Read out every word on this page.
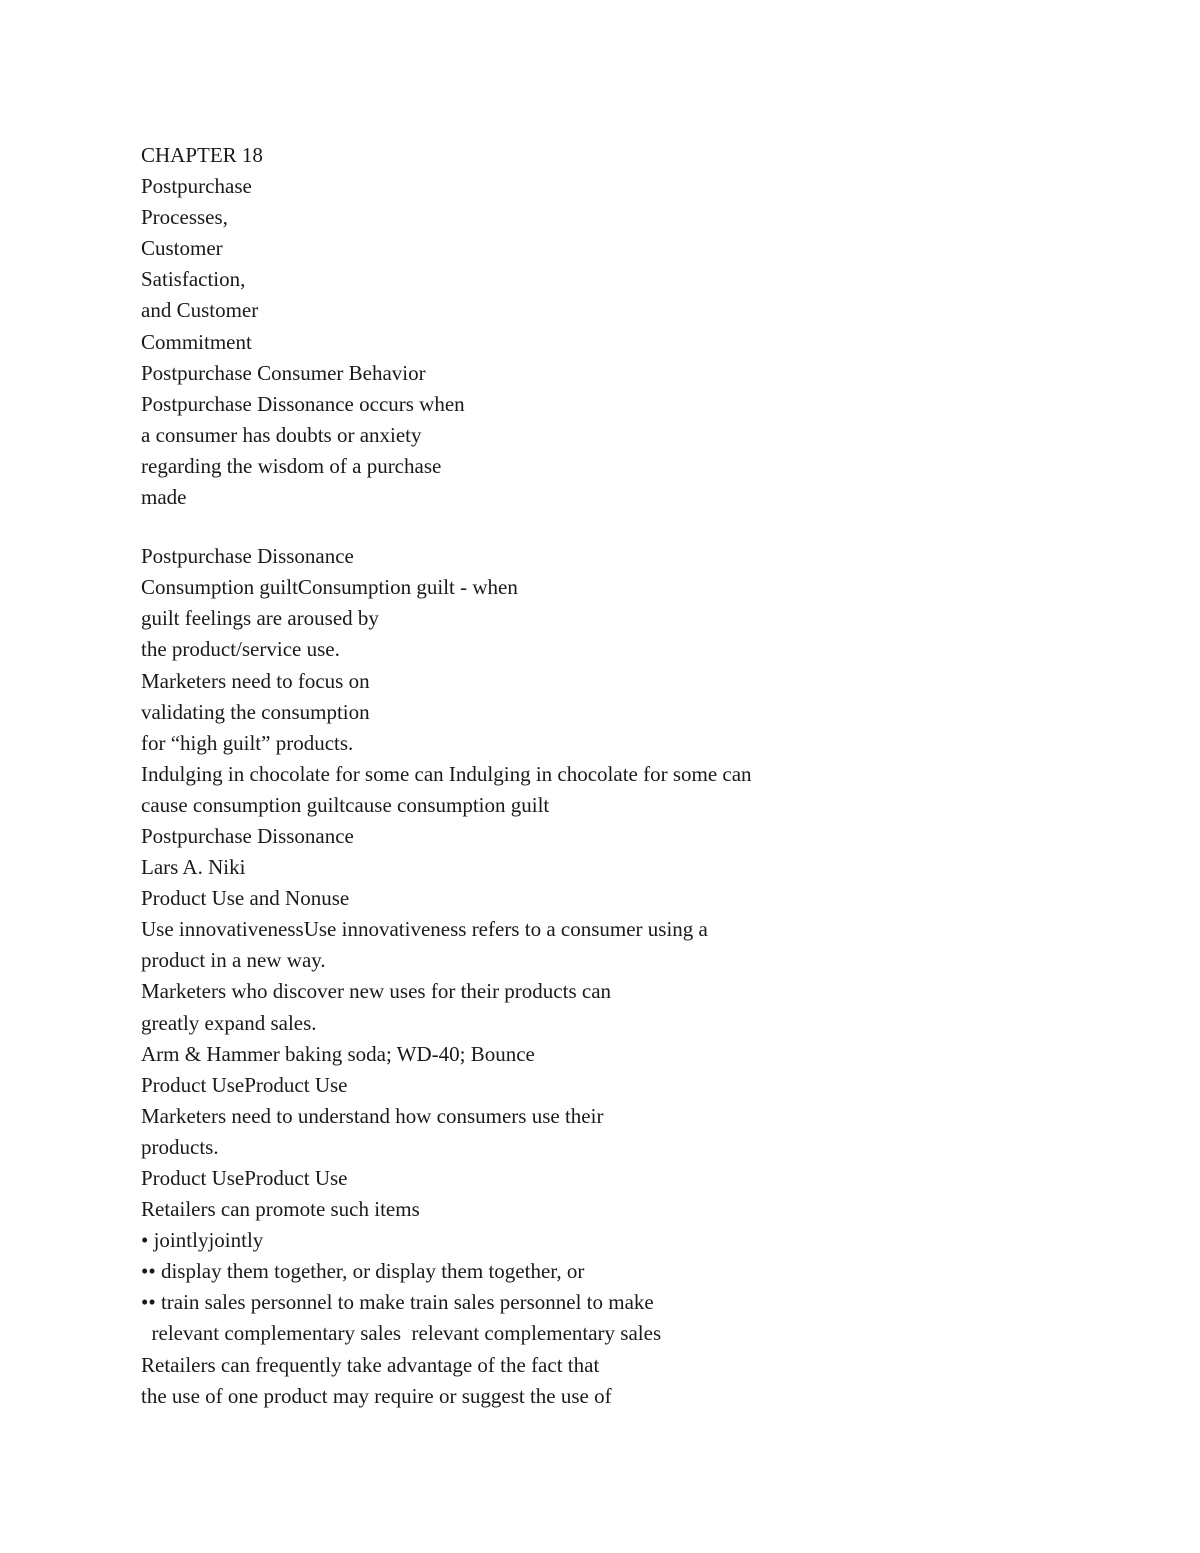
CHAPTER 18
Postpurchase
Processes,
Customer
Satisfaction,
and Customer
Commitment
Postpurchase Consumer Behavior
Postpurchase Dissonance occurs when
a consumer has doubts or anxiety
regarding the wisdom of a purchase
made
Postpurchase Dissonance
Consumption guiltConsumption guilt - when
guilt feelings are aroused by
the product/service use.
Marketers need to focus on
validating the consumption
for “high guilt” products.
Indulging in chocolate for some can Indulging in chocolate for some can
cause consumption guiltcause consumption guilt
Postpurchase Dissonance
Lars A. Niki
Product Use and Nonuse
Use innovativenessUse innovativeness refers to a consumer using a
product in a new way.
Marketers who discover new uses for their products can
greatly expand sales.
Arm & Hammer baking soda; WD-40; Bounce
Product UseProduct Use
Marketers need to understand how consumers use their
products.
Product UseProduct Use
Retailers can promote such items
• jointlyjointly
•• display them together, or display them together, or
•• train sales personnel to make train sales personnel to make
relevant complementary sales  relevant complementary sales
Retailers can frequently take advantage of the fact that
the use of one product may require or suggest the use of
